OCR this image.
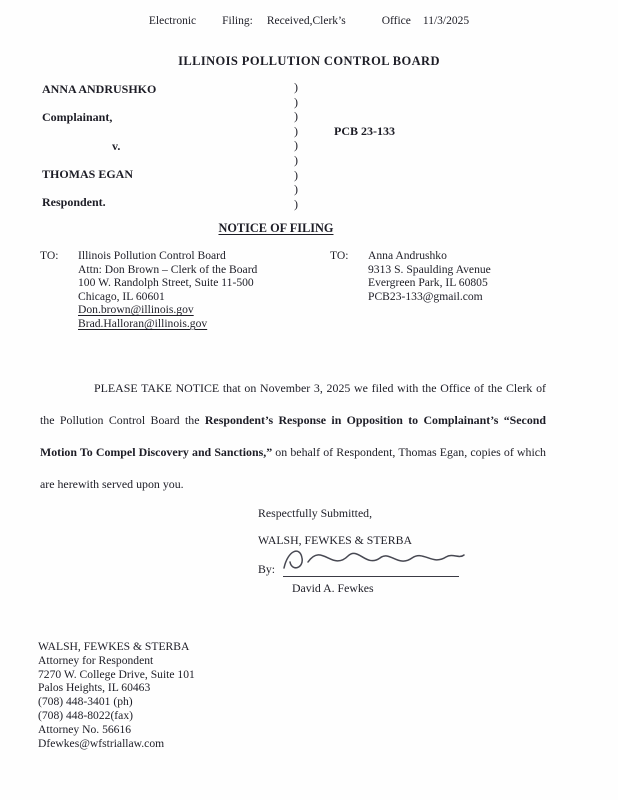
Electronic Filing: Received,Clerk’s	Office 11/3/2025
ILLINOIS POLLUTION CONTROL BOARD
ANNA ANDRUSHKO
Complainant,
v.
THOMAS EGAN
Respondent.
)
)
)
)
)
)
)
)
)
PCB 23-133
NOTICE OF FILING
TO: Illinois Pollution Control Board
Attn: Don Brown – Clerk of the Board
100 W. Randolph Street, Suite 11-500
Chicago, IL 60601
Don.brown@illinois.gov
Brad.Halloran@illinois.gov
TO: Anna Andrushko
9313 S. Spaulding Avenue
Evergreen Park, IL 60805
PCB23-133@gmail.com
PLEASE TAKE NOTICE that on November 3, 2025 we filed with the Office of the Clerk of the Pollution Control Board the Respondent’s Response in Opposition to Complainant’s “Second Motion To Compel Discovery and Sanctions,” on behalf of Respondent, Thomas Egan, copies of which are herewith served upon you.
Respectfully Submitted,
WALSH, FEWKES & STERBA
By:
David A. Fewkes
WALSH, FEWKES & STERBA
Attorney for Respondent
7270 W. College Drive, Suite 101
Palos Heights, IL 60463
(708) 448-3401 (ph)
(708) 448-8022(fax)
Attorney No. 56616
Dfewkes@wfstriallaw.com
